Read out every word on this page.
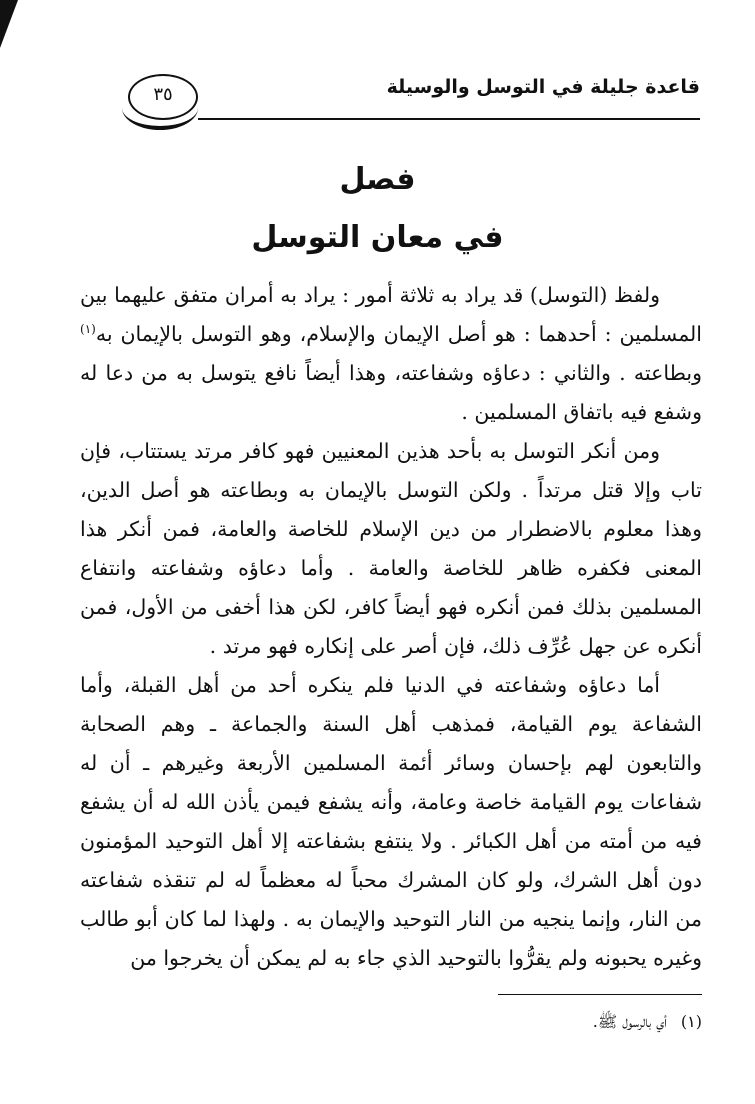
٣٥	قاعدة جليلة في التوسل والوسيلة
فصل
في معان التوسل

ولفظ (التوسل) قد يراد به ثلاثة أمور : يراد به أمران متفق عليهما بين المسلمين : أحدهما : هو أصل الإيمان والإسلام، وهو التوسل بالإيمان به$^{(١)}$ وبطاعته . والثاني : دعاؤه وشفاعته، وهذا أيضاً نافع يتوسل به من دعا له وشفع فيه باتفاق المسلمين .

ومن أنكر التوسل به بأحد هذين المعنيين فهو كافر مرتد يستتاب، فإن تاب وإلا قتل مرتداً . ولكن التوسل بالإيمان به وبطاعته هو أصل الدين، وهذا معلوم بالاضطرار من دين الإسلام للخاصة والعامة، فمن أنكر هذا المعنى فكفره ظاهر للخاصة والعامة . وأما دعاؤه وشفاعته وانتفاع المسلمين بذلك فمن أنكره فهو أيضاً كافر، لكن هذا أخفى من الأول، فمن أنكره عن جهل عُرِّف ذلك، فإن أصر على إنكاره فهو مرتد .

أما دعاؤه وشفاعته في الدنيا فلم ينكره أحد من أهل القبلة، وأما الشفاعة يوم القيامة، فمذهب أهل السنة والجماعة ـ وهم الصحابة والتابعون لهم بإحسان وسائر أئمة المسلمين الأربعة وغيرهم ـ أن له شفاعات يوم القيامة خاصة وعامة، وأنه يشفع فيمن يأذن الله له أن يشفع فيه من أمته من أهل الكبائر . ولا ينتفع بشفاعته إلا أهل التوحيد المؤمنون دون أهل الشرك، ولو كان المشرك محباً له معظماً له لم تنقذه شفاعته من النار، وإنما ينجيه من النار التوحيد والإيمان به . ولهذا لما كان أبو طالب وغيره يحبونه ولم يقرُّوا بالتوحيد الذي جاء به لم يمكن أن يخرجوا من

(١)أي بالرسول ﷺ.
